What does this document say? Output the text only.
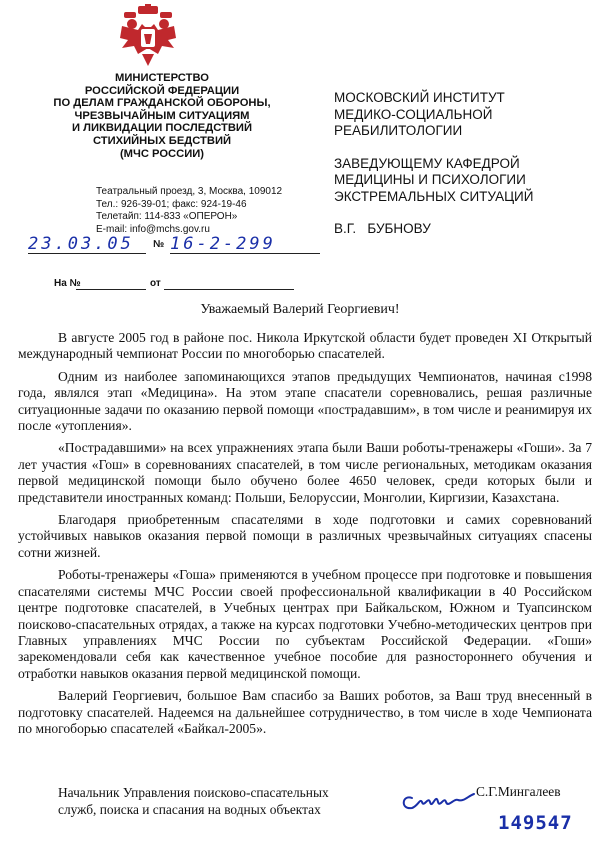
МИНИСТЕРСТВО
РОССИЙСКОЙ ФЕДЕРАЦИИ
ПО ДЕЛАМ ГРАЖДАНСКОЙ ОБОРОНЫ,
ЧРЕЗВЫЧАЙНЫМ СИТУАЦИЯМ
И ЛИКВИДАЦИИ ПОСЛЕДСТВИЙ
СТИХИЙНЫХ БЕДСТВИЙ
(МЧС РОССИИ)
Театральный проезд, 3, Москва, 109012
Тел.: 926-39-01; факс: 924-19-46
Телетайп: 114-833 «ОПЕРОН»
E-mail: info@mchs.gov.ru
МОСКОВСКИЙ ИНСТИТУТ
МЕДИКО-СОЦИАЛЬНОЙ
РЕАБИЛИТОЛОГИИ
ЗАВЕДУЮЩЕМУ КАФЕДРОЙ
МЕДИЦИНЫ И ПСИХОЛОГИИ
ЭКСТРЕМАЛЬНЫХ СИТУАЦИЙ
В.Г.   БУБНОВУ
23.03.05 № 16-2-299
На №	от
Уважаемый Валерий Георгиевич!

В августе 2005 год в районе пос. Никола Иркутской области будет проведен XI Открытый международный чемпионат России по многоборью спасателей.

Одним из наиболее запоминающихся этапов предыдущих Чемпионатов, начиная с1998 года, являлся этап «Медицина». На этом этапе спасатели соревновались, решая различные ситуационные задачи по оказанию первой помощи «пострадавшим», в том числе и реанимируя их после «утопления».

«Пострадавшими» на всех упражнениях этапа были Ваши роботы-тренажеры «Гоши». За 7 лет участия «Гош» в соревнованиях спасателей, в том числе региональных, методикам оказания первой медицинской помощи было обучено более 4650 человек, среди которых были и представители иностранных команд: Польши, Белоруссии, Монголии, Киргизии, Казахстана.

Благодаря приобретенным спасателями в ходе подготовки и самих соревнований устойчивых навыков оказания первой помощи в различных чрезвычайных ситуациях спасены сотни жизней.

Роботы-тренажеры «Гоша» применяются в учебном процессе при подготовке и повышения спасателями системы МЧС России своей профессиональной квалификации в 40 Российском центре подготовке спасателей, в Учебных центрах при Байкальском, Южном и Туапсинском поисково-спасательных отрядах, а также на курсах подготовки Учебно-методических центров при Главных управлениях МЧС России по субъектам Российской Федерации. «Гоши» зарекомендовали себя как качественное учебное пособие для разностороннего обучения и отработки навыков оказания первой медицинской помощи.

Валерий Георгиевич, большое Вам спасибо за Ваших роботов, за Ваш труд внесенный в подготовку спасателей. Надеемся на дальнейшее сотрудничество, в том числе в ходе Чемпионата по многоборью спасателей «Байкал-2005».

Начальник Управления поисково-спасательных
служб, поиска и спасания на водных объектах
С.Г.Мингалеев
149547
